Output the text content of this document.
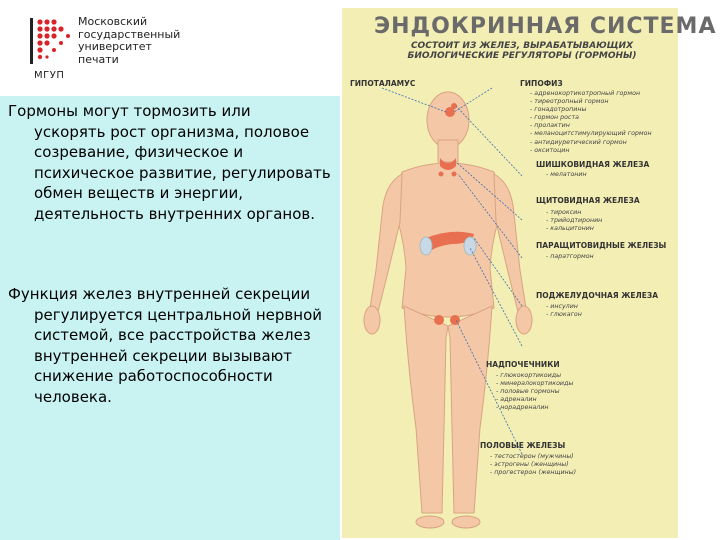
Московский
государственный
университет
печати
МГУП
Гормоны могут тормозить или
ускорять рост организма, половое созревание, физическое и психическое развитие, регулировать обмен веществ и энергии, деятельность внутренних органов.
Функция желез внутренней секреции
регулируется центральной нервной системой, все расстройства желез внутренней секреции вызывают снижение работоспособности человека.
ЭНДОКРИННАЯ СИСТЕМА
СОСТОИТ ИЗ ЖЕЛЕЗ, ВЫРАБАТЫВАЮЩИХ БИОЛОГИЧЕСКИЕ РЕГУЛЯТОРЫ (ГОРМОНЫ)
ГИПОТАЛАМУС	ГИПОФИЗ
- адренокортикотропный гормон
- тиреотропный гормон
- гонадотропины
- гормон роста
- пролактин
- меланоцитстимулирующий гормон
- антидиуретический гормон
- окситоцин
ШИШКОВИДНАЯ ЖЕЛЕЗА
- мелатонин
ЩИТОВИДНАЯ ЖЕЛЕЗА
- тироксин
- трийодтиронин
- кальцитонин
ПАРАЩИТОВИДНЫЕ ЖЕЛЕЗЫ
- паратгормон
ПОДЖЕЛУДОЧНАЯ ЖЕЛЕЗА
- инсулин
- глюкагон
НАДПОЧЕЧНИКИ
- глюкокортикоиды
- минералокортикоиды
- половые гормоны
- адреналин
- норадреналин
ПОЛОВЫЕ ЖЕЛЕЗЫ
- тестостерон (мужчины)
- эстрогены (женщины)
- прогестерон (женщины)
